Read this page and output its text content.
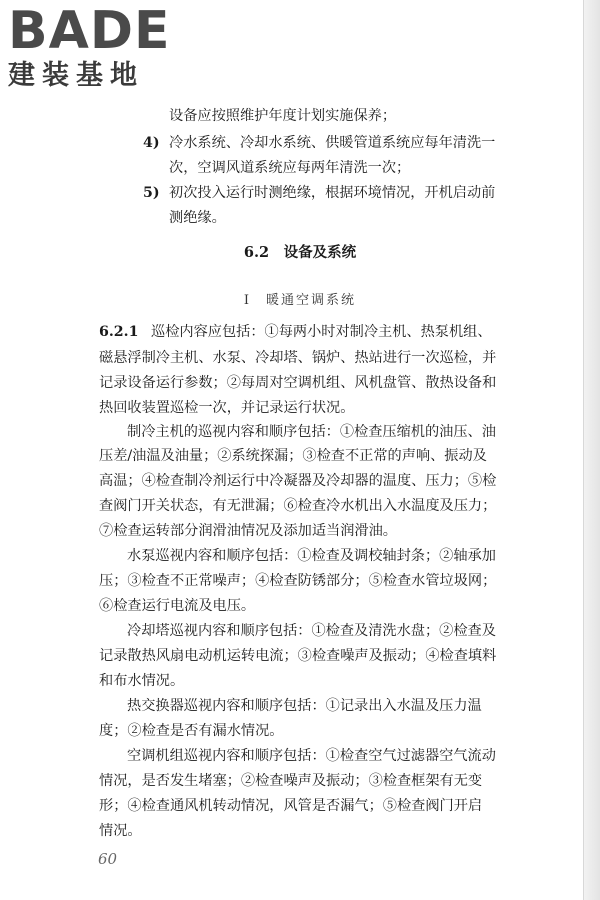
BADE
建装基地
设备应按照维护年度计划实施保养；
4) 冷水系统、冷却水系统、供暖管道系统应每年清洗一
次，空调风道系统应每两年清洗一次；
5) 初次投入运行时测绝缘，根据环境情况，开机启动前
测绝缘。
6.2　设备及系统
Ⅰ　暖通空调系统
6.2.1 巡检内容应包括：①每两小时对制冷主机、热泵机组、
磁悬浮制冷主机、水泵、冷却塔、锅炉、热站进行一次巡检，并
记录设备运行参数；②每周对空调机组、风机盘管、散热设备和
热回收装置巡检一次，并记录运行状况。
制冷主机的巡视内容和顺序包括：①检查压缩机的油压、油
压差/油温及油量；②系统探漏；③检查不正常的声响、振动及
高温；④检查制冷剂运行中冷凝器及冷却器的温度、压力；⑤检
查阀门开关状态，有无泄漏；⑥检查冷水机出入水温度及压力；
⑦检查运转部分润滑油情况及添加适当润滑油。
水泵巡视内容和顺序包括：①检查及调校轴封条；②轴承加
压；③检查不正常噪声；④检查防锈部分；⑤检查水管垃圾网；
⑥检查运行电流及电压。
冷却塔巡视内容和顺序包括：①检查及清洗水盘；②检查及
记录散热风扇电动机运转电流；③检查噪声及振动；④检查填料
和布水情况。
热交换器巡视内容和顺序包括：①记录出入水温及压力温
度；②检查是否有漏水情况。
空调机组巡视内容和顺序包括：①检查空气过滤器空气流动
情况，是否发生堵塞；②检查噪声及振动；③检查框架有无变
形；④检查通风机转动情况，风管是否漏气；⑤检查阀门开启
情况。
60
